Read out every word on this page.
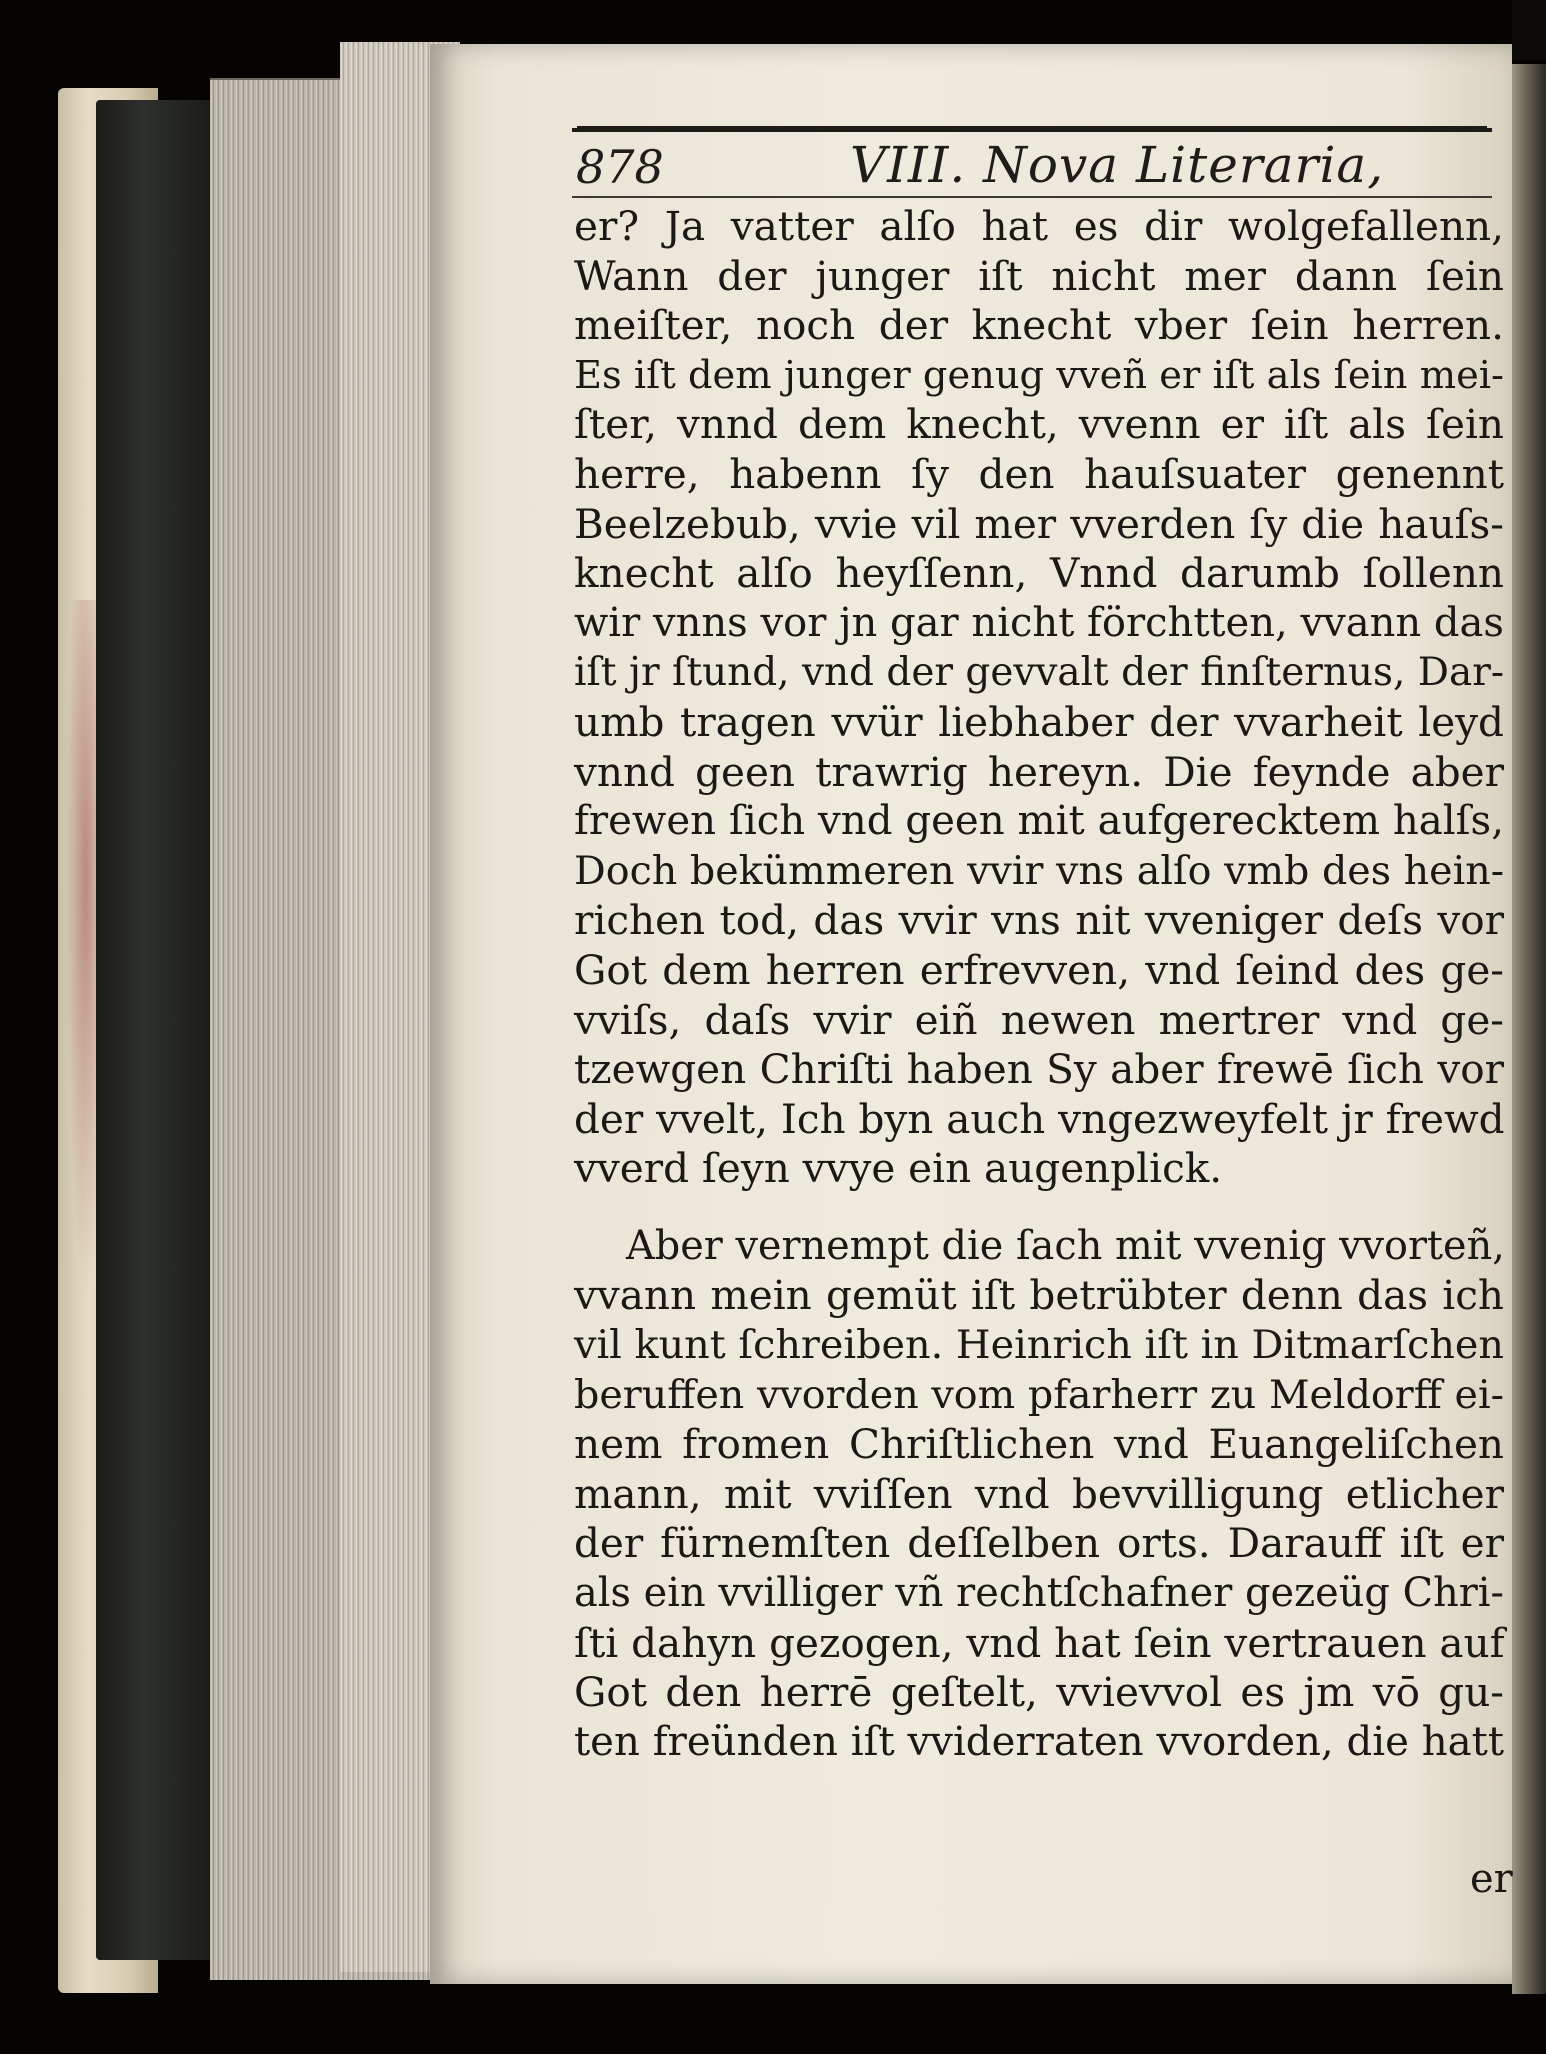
878	VIII. Nova Literaria,
er? Ja vatter alſo hat es dir wolgefallenn,
Wann der junger iſt nicht mer dann ſein
meiſter, noch der knecht vber ſein herren.
Es iſt dem junger genug vveñ er iſt als ſein mei-
ſter, vnnd dem knecht, vvenn er iſt als ſein
herre, habenn ſy den hauſsuater genennt
Beelzebub, vvie vil mer vverden ſy die hauſs-
knecht alſo heyſſenn, Vnnd darumb ſollenn
wir vnns vor jn gar nicht förchtten, vvann das
iſt jr ſtund, vnd der gevvalt der finſternus, Dar-
umb tragen vvür liebhaber der vvarheit leyd
vnnd geen trawrig hereyn. Die feynde aber
frewen ſich vnd geen mit aufgerecktem halſs,
Doch bekümmeren vvir vns alſo vmb des hein-
richen tod, das vvir vns nit vveniger deſs vor
Got dem herren erfrevven, vnd ſeind des ge-
vviſs, daſs vvir eiñ newen mertrer vnd ge-
tzewgen Chriſti haben Sy aber frewē ſich vor
der vvelt, Ich byn auch vngezweyfelt jr frewd
vverd ſeyn vvye ein augenplick.
Aber vernempt die ſach mit vvenig vvorteñ,
vvann mein gemüt iſt betrübter denn das ich
vil kunt ſchreiben. Heinrich iſt in Ditmarſchen
beruffen vvorden vom pfarherr zu Meldorff ei-
nem fromen Chriſtlichen vnd Euangeliſchen
mann, mit vviſſen vnd bevvilligung etlicher
der fürnemſten deſſelben orts. Darauff iſt er
als ein vvilliger vñ rechtſchafner gezeüg Chri-
ſti dahyn gezogen, vnd hat ſein vertrauen auf
Got den herrē geſtelt, vvievvol es jm vō gu-
ten freünden iſt vviderraten vvorden, die hatt
er
